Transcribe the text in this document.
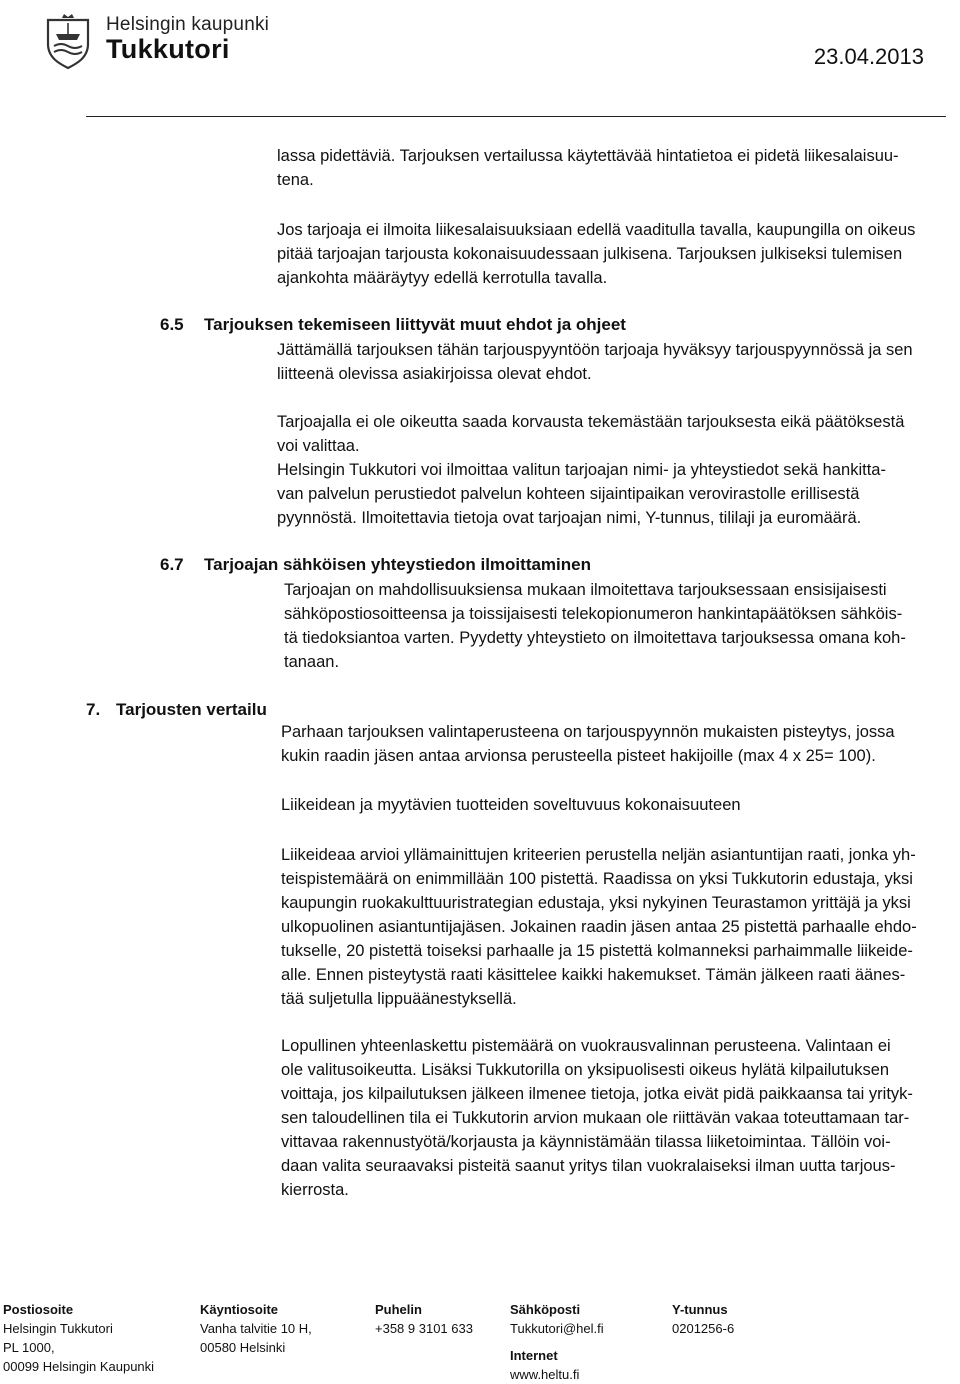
Helsingin kaupunki
Tukkutori	23.04.2013
lassa pidettäviä. Tarjouksen vertailussa käytettävää hintatietoa ei pidetä liikesalaisuu-
tena.
Jos tarjoaja ei ilmoita liikesalaisuuksiaan edellä vaaditulla tavalla, kaupungilla on oikeus
pitää tarjoajan tarjousta kokonaisuudessaan julkisena. Tarjouksen julkiseksi tulemisen
ajankohta määräytyy edellä kerrotulla tavalla.
6.5 Tarjouksen tekemiseen liittyvät muut ehdot ja ohjeet
Jättämällä tarjouksen tähän tarjouspyyntöön tarjoaja hyväksyy tarjouspyynnössä ja sen
liitteenä olevissa asiakirjoissa olevat ehdot.
Tarjoajalla ei ole oikeutta saada korvausta tekemästään tarjouksesta eikä päätöksestä
voi valittaa.
Helsingin Tukkutori voi ilmoittaa valitun tarjoajan nimi- ja yhteystiedot sekä hankitta-
van palvelun perustiedot palvelun kohteen sijaintipaikan verovirastolle erillisestä
pyynnöstä. Ilmoitettavia tietoja ovat tarjoajan nimi, Y-tunnus, tililaji ja euromäärä.
6.7 Tarjoajan sähköisen yhteystiedon ilmoittaminen
Tarjoajan on mahdollisuuksiensa mukaan ilmoitettava tarjouksessaan ensisijaisesti
sähköpostiosoitteensa ja toissijaisesti telekopionumeron hankintapäätöksen sähköis-
tä tiedoksiantoa varten. Pyydetty yhteystieto on ilmoitettava tarjouksessa omana koh-
tanaan.
7. Tarjousten vertailu
Parhaan tarjouksen valintaperusteena on tarjouspyynnön mukaisten pisteytys, jossa
kukin raadin jäsen antaa arvionsa perusteella pisteet hakijoille (max 4 x 25= 100).
Liikeidean ja myytävien tuotteiden soveltuvuus kokonaisuuteen
Liikeideaa arvioi yllämainittujen kriteerien perustella neljän asiantuntijan raati, jonka yh-
teispistemäärä on enimmillään 100 pistettä. Raadissa on yksi Tukkutorin edustaja, yksi
kaupungin ruokakulttuuristrategian edustaja, yksi nykyinen Teurastamon yrittäjä ja yksi
ulkopuolinen asiantuntijajäsen. Jokainen raadin jäsen antaa 25 pistettä parhaalle ehdo-
tukselle, 20 pistettä toiseksi parhaalle ja 15 pistettä kolmanneksi parhaimmalle liikeide-
alle. Ennen pisteytystä raati käsittelee kaikki hakemukset. Tämän jälkeen raati äänes-
tää suljetulla lippuäänestyksellä.
Lopullinen yhteenlaskettu pistemäärä on vuokrausvalinnan perusteena. Valintaan ei
ole valitusoikeutta. Lisäksi Tukkutorilla on yksipuolisesti oikeus hylätä kilpailutuksen
voittaja, jos kilpailutuksen jälkeen ilmenee tietoja, jotka eivät pidä paikkaansa tai yrityk-
sen taloudellinen tila ei Tukkutorin arvion mukaan ole riittävän vakaa toteuttamaan tar-
vittavaa rakennustyötä/korjausta ja käynnistämään tilassa liiketoimintaa. Tällöin voi-
daan valita seuraavaksi pisteitä saanut yritys tilan vuokralaiseksi ilman uutta tarjous-
kierrosta.
Postiosoite
Helsingin Tukkutori
PL 1000,
00099 Helsingin Kaupunki
Käyntiosoite
Vanha talvitie 10 H,
00580 Helsinki
Puhelin
+358 9 3101 633
Sähköposti
Tukkutori@hel.fi
Internet
www.heltu.fi
Y-tunnus
0201256-6
